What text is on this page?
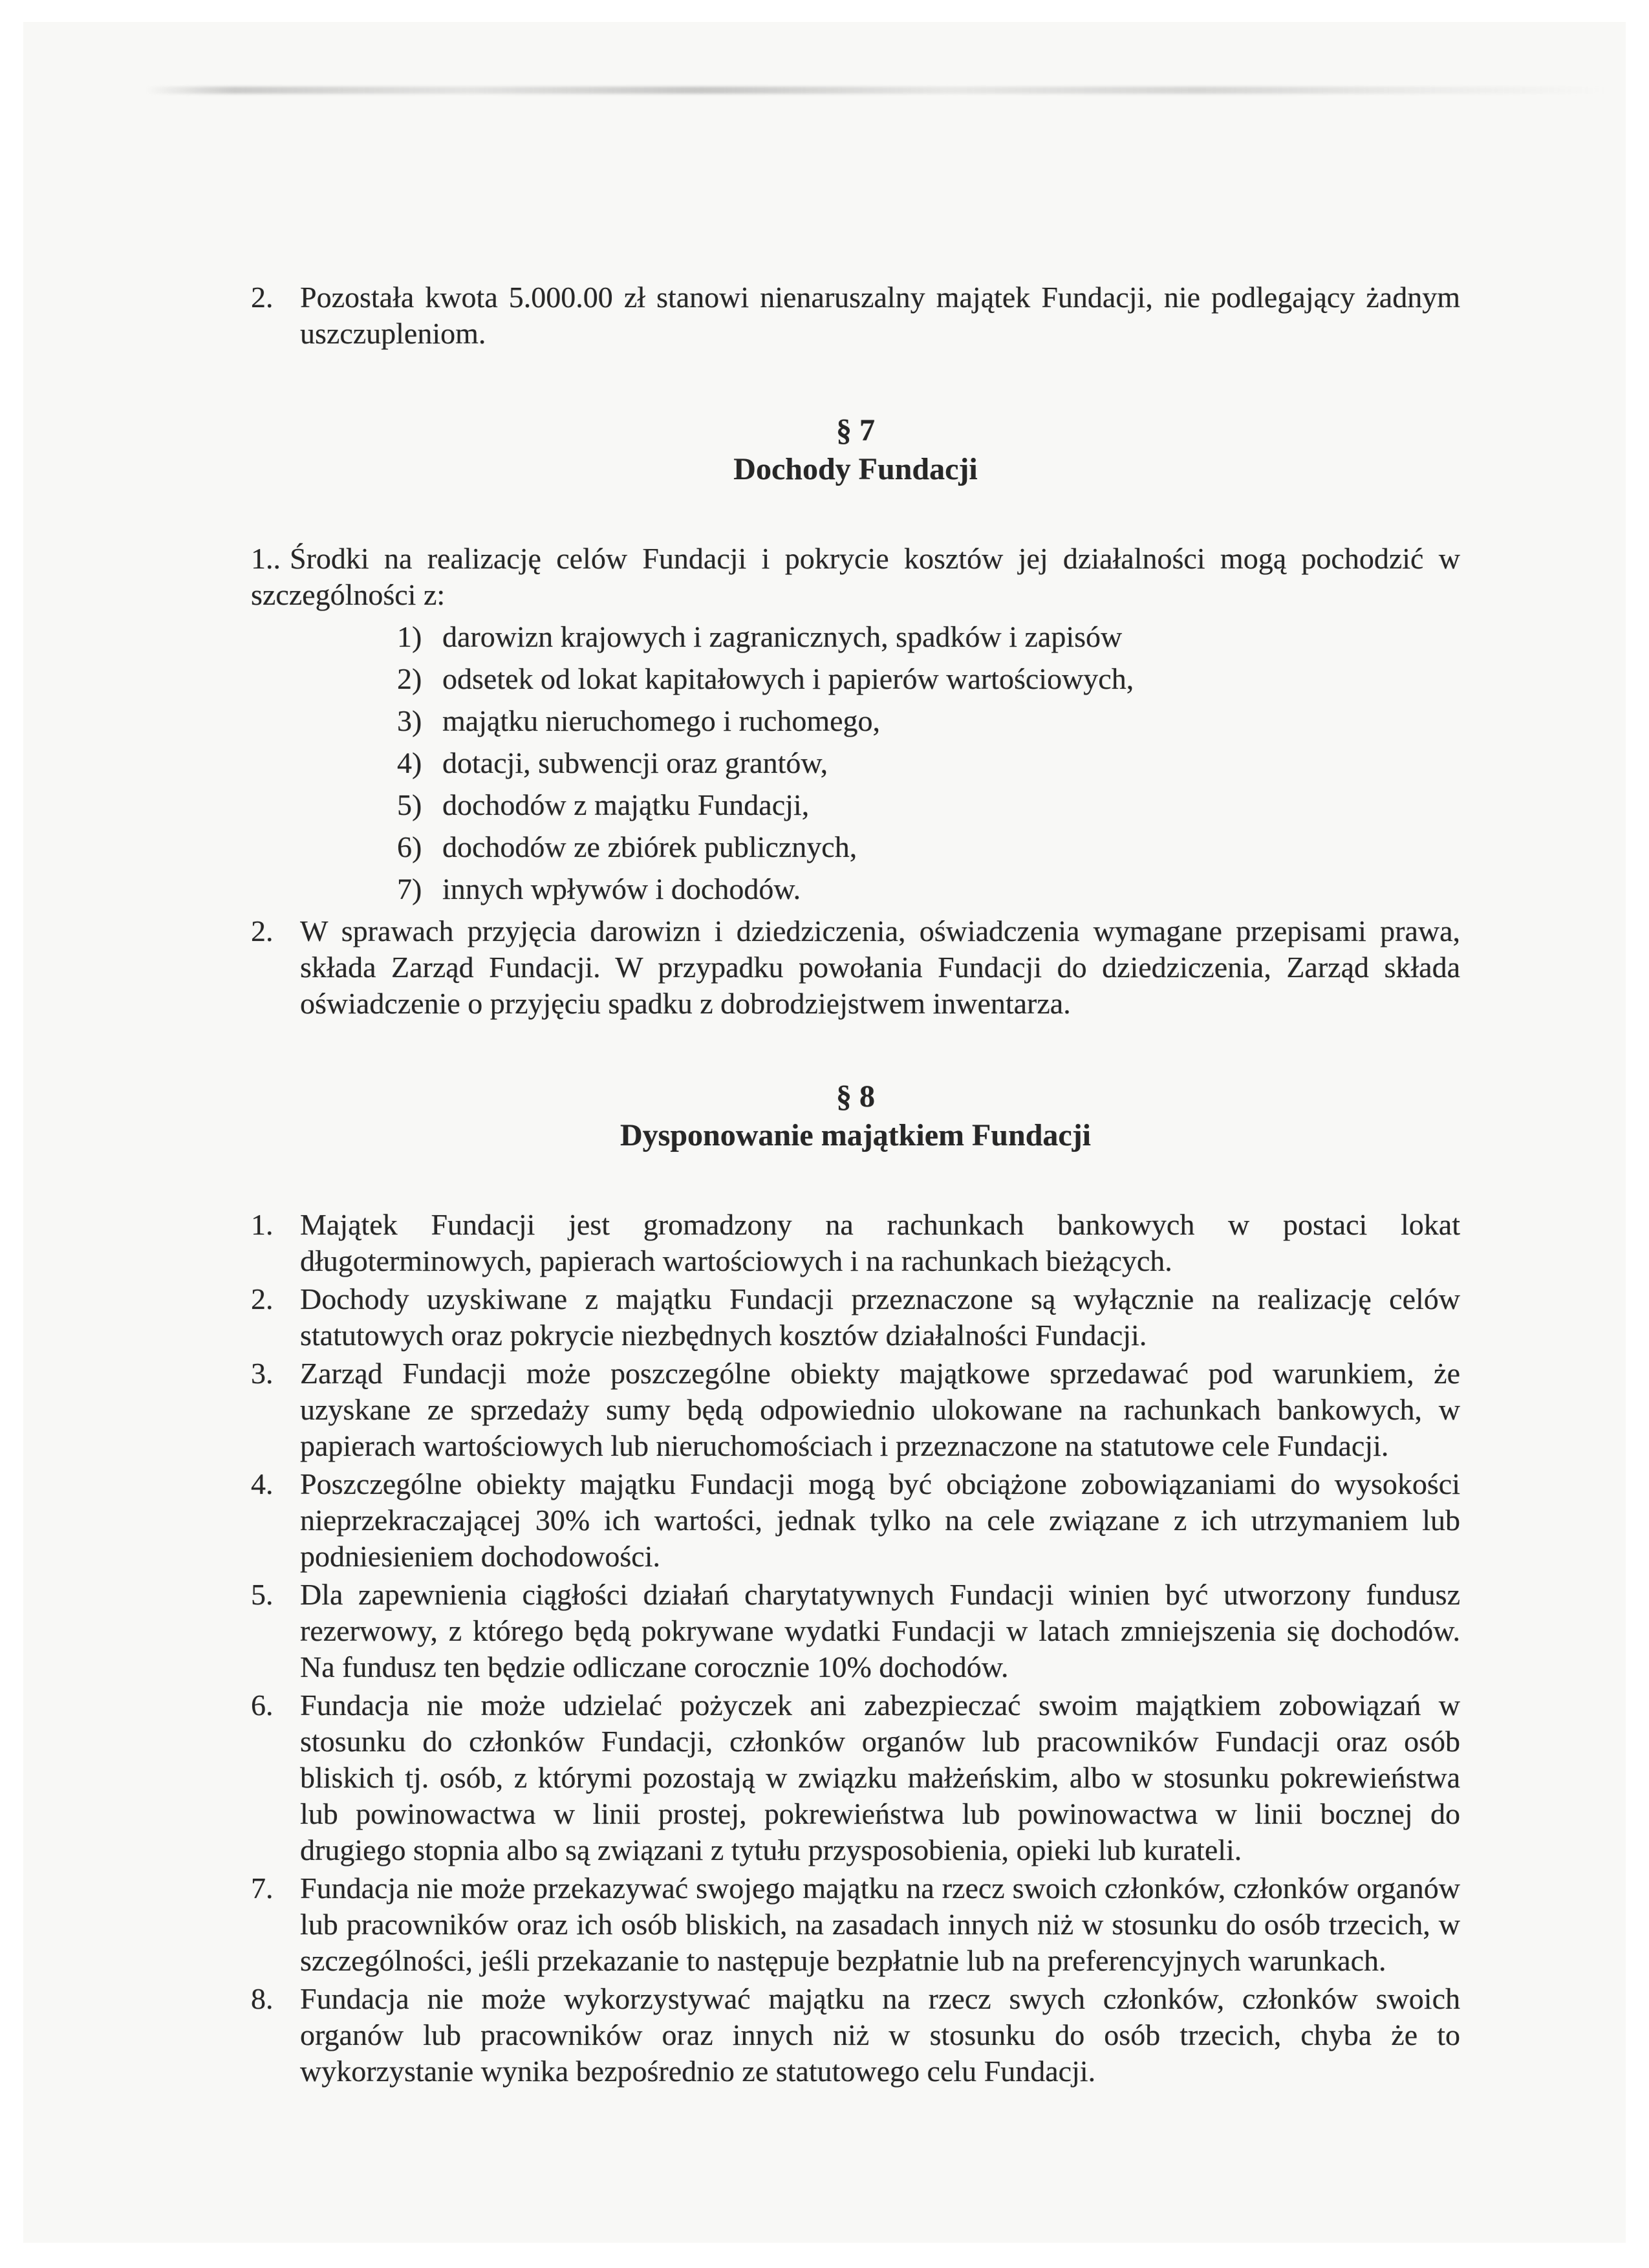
2. Pozostała kwota 5.000.00 zł stanowi nienaruszalny majątek Fundacji, nie podlegający żadnym uszczupleniom.
§ 7
Dochody Fundacji
1.. Środki na realizację celów Fundacji i pokrycie kosztów jej działalności mogą pochodzić w szczególności z:
1) darowizn krajowych i zagranicznych, spadków i zapisów
2) odsetek od lokat kapitałowych i papierów wartościowych,
3) majątku nieruchomego i ruchomego,
4) dotacji, subwencji oraz grantów,
5) dochodów z majątku Fundacji,
6) dochodów ze zbiórek publicznych,
7) innych wpływów i dochodów.
2. W sprawach przyjęcia darowizn i dziedziczenia, oświadczenia wymagane przepisami prawa, składa Zarząd Fundacji. W przypadku powołania Fundacji do dziedziczenia, Zarząd składa oświadczenie o przyjęciu spadku z dobrodziejstwem inwentarza.
§ 8
Dysponowanie majątkiem Fundacji
1. Majątek Fundacji jest gromadzony na rachunkach bankowych w postaci lokat długoterminowych, papierach wartościowych i na rachunkach bieżących.
2. Dochody uzyskiwane z majątku Fundacji przeznaczone są wyłącznie na realizację celów statutowych oraz pokrycie niezbędnych kosztów działalności Fundacji.
3. Zarząd Fundacji może poszczególne obiekty majątkowe sprzedawać pod warunkiem, że uzyskane ze sprzedaży sumy będą odpowiednio ulokowane na rachunkach bankowych, w papierach wartościowych lub nieruchomościach i przeznaczone na statutowe cele Fundacji.
4. Poszczególne obiekty majątku Fundacji mogą być obciążone zobowiązaniami do wysokości nieprzekraczającej 30% ich wartości, jednak tylko na cele związane z ich utrzymaniem lub podniesieniem dochodowości.
5. Dla zapewnienia ciągłości działań charytatywnych Fundacji winien być utworzony fundusz rezerwowy, z którego będą pokrywane wydatki Fundacji w latach zmniejszenia się dochodów. Na fundusz ten będzie odliczane corocznie 10% dochodów.
6. Fundacja nie może udzielać pożyczek ani zabezpieczać swoim majątkiem zobowiązań w stosunku do członków Fundacji, członków organów lub pracowników Fundacji oraz osób bliskich tj. osób, z którymi pozostają w związku małżeńskim, albo w stosunku pokrewieństwa lub powinowactwa w linii prostej, pokrewieństwa lub powinowactwa w linii bocznej do drugiego stopnia albo są związani z tytułu przysposobienia, opieki lub kurateli.
7. Fundacja nie może przekazywać swojego majątku na rzecz swoich członków, członków organów lub pracowników oraz ich osób bliskich, na zasadach innych niż w stosunku do osób trzecich, w szczególności, jeśli przekazanie to następuje bezpłatnie lub na preferencyjnych warunkach.
8. Fundacja nie może wykorzystywać majątku na rzecz swych członków, członków swoich organów lub pracowników oraz innych niż w stosunku do osób trzecich, chyba że to wykorzystanie wynika bezpośrednio ze statutowego celu Fundacji.
